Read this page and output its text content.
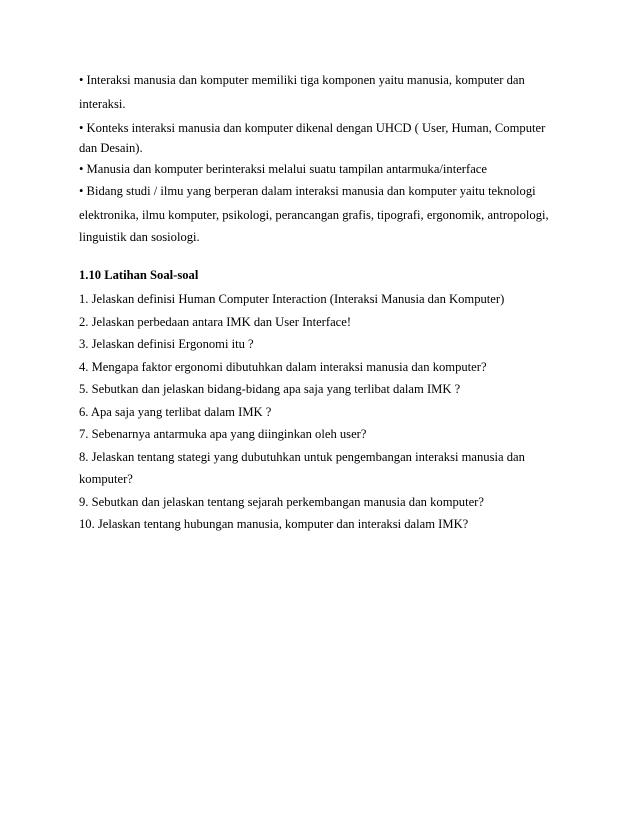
• Interaksi manusia dan komputer memiliki tiga komponen yaitu manusia, komputer dan
interaksi.
• Konteks interaksi manusia dan komputer dikenal dengan UHCD ( User, Human, Computer
dan Desain).
• Manusia dan komputer berinteraksi melalui suatu tampilan antarmuka/interface
• Bidang studi / ilmu yang berperan dalam interaksi manusia dan komputer yaitu teknologi
elektronika, ilmu komputer, psikologi, perancangan grafis, tipografi, ergonomik, antropologi,
linguistik dan sosiologi.
1.10 Latihan Soal-soal
1. Jelaskan definisi Human Computer Interaction (Interaksi Manusia dan Komputer)
2. Jelaskan perbedaan antara IMK dan User Interface!
3. Jelaskan definisi Ergonomi itu ?
4. Mengapa faktor ergonomi dibutuhkan dalam interaksi manusia dan komputer?
5. Sebutkan dan jelaskan bidang-bidang apa saja yang terlibat dalam IMK ?
6. Apa saja yang terlibat dalam IMK ?
7. Sebenarnya antarmuka apa yang diinginkan oleh user?
8. Jelaskan tentang stategi yang dubutuhkan untuk pengembangan interaksi manusia dan
komputer?
9. Sebutkan dan jelaskan tentang sejarah perkembangan manusia dan komputer?
10. Jelaskan tentang hubungan manusia, komputer dan interaksi dalam IMK?
